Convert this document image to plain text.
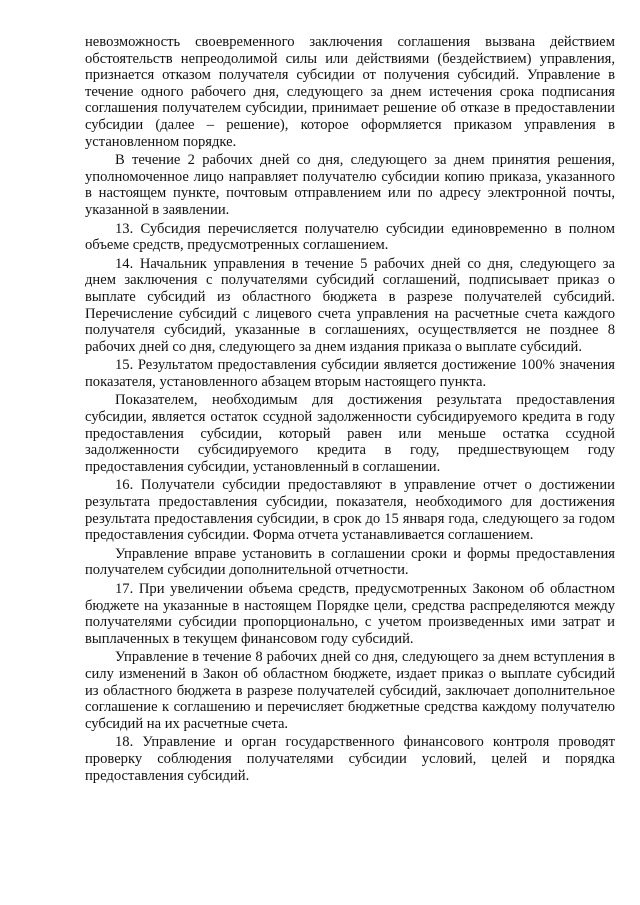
невозможность своевременного заключения соглашения вызвана действием обстоятельств непреодолимой силы или действиями (бездействием) управления, признается отказом получателя субсидии от получения субсидий. Управление в течение одного рабочего дня, следующего за днем истечения срока подписания соглашения получателем субсидии, принимает решение об отказе в предоставлении субсидии (далее – решение), которое оформляется приказом управления в установленном порядке.

В течение 2 рабочих дней со дня, следующего за днем принятия решения, уполномоченное лицо направляет получателю субсидии копию приказа, указанного в настоящем пункте, почтовым отправлением или по адресу электронной почты, указанной в заявлении.

13. Субсидия перечисляется получателю субсидии единовременно в полном объеме средств, предусмотренных соглашением.

14. Начальник управления в течение 5 рабочих дней со дня, следующего за днем заключения с получателями субсидий соглашений, подписывает приказ о выплате субсидий из областного бюджета в разрезе получателей субсидий. Перечисление субсидий с лицевого счета управления на расчетные счета каждого получателя субсидий, указанные в соглашениях, осуществляется не позднее 8 рабочих дней со дня, следующего за днем издания приказа о выплате субсидий.

15. Результатом предоставления субсидии является достижение 100% значения показателя, установленного абзацем вторым настоящего пункта.

Показателем, необходимым для достижения результата предоставления субсидии, является остаток ссудной задолженности субсидируемого кредита в году предоставления субсидии, который равен или меньше остатка ссудной задолженности субсидируемого кредита в году, предшествующем году предоставления субсидии, установленный в соглашении.

16. Получатели субсидии предоставляют в управление отчет о достижении результата предоставления субсидии, показателя, необходимого для достижения результата предоставления субсидии, в срок до 15 января года, следующего за годом предоставления субсидии. Форма отчета устанавливается соглашением.

Управление вправе установить в соглашении сроки и формы предоставления получателем субсидии дополнительной отчетности.

17. При увеличении объема средств, предусмотренных Законом об областном бюджете на указанные в настоящем Порядке цели, средства распределяются между получателями субсидии пропорционально, с учетом произведенных ими затрат и выплаченных в текущем финансовом году субсидий.

Управление в течение 8 рабочих дней со дня, следующего за днем вступления в силу изменений в Закон об областном бюджете, издает приказ о выплате субсидий из областного бюджета в разрезе получателей субсидий, заключает дополнительное соглашение к соглашению и перечисляет бюджетные средства каждому получателю субсидий на их расчетные счета.

18. Управление и орган государственного финансового контроля проводят проверку соблюдения получателями субсидии условий, целей и порядка предоставления субсидий.
